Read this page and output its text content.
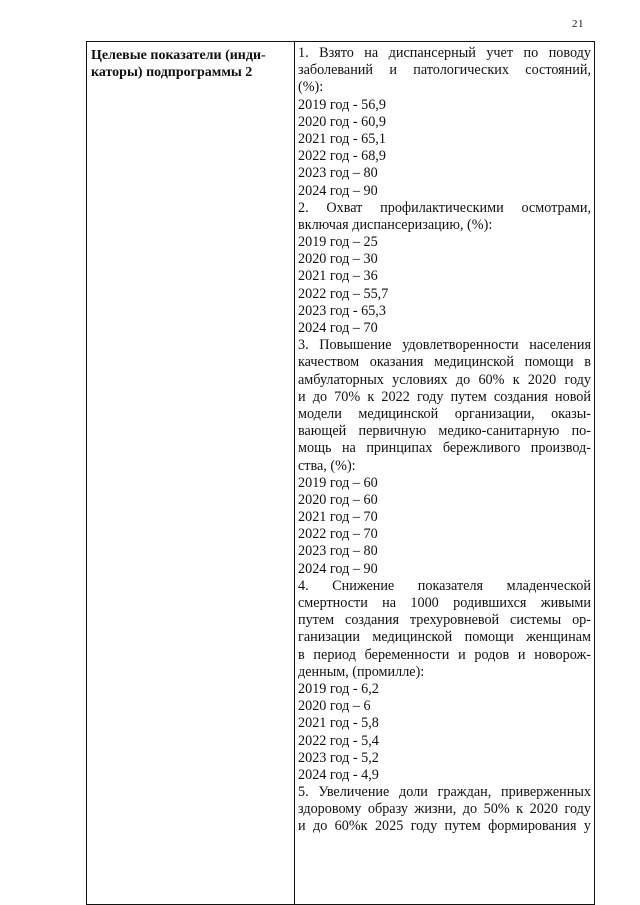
21
Целевые показатели (инди-
каторы) подпрограммы 2

1. Взято на диспансерный учет по поводу
заболеваний и патологических состояний,
(%):
2019 год - 56,9
2020 год - 60,9
2021 год - 65,1
2022 год - 68,9
2023 год – 80
2024 год – 90
2. Охват профилактическими осмотрами,
включая диспансеризацию, (%):
2019 год – 25
2020 год – 30
2021 год – 36
2022 год – 55,7
2023 год - 65,3
2024 год – 70
3. Повышение удовлетворенности населения
качеством оказания медицинской помощи в
амбулаторных условиях до 60% к 2020 году
и до 70% к 2022 году путем создания новой
модели медицинской организации, оказы-
вающей первичную медико-санитарную по-
мощь на принципах бережливого производ-
ства, (%):
2019 год – 60
2020 год – 60
2021 год – 70
2022 год – 70
2023 год – 80
2024 год – 90
4. Снижение показателя младенческой
смертности на 1000 родившихся живыми
путем создания трехуровневой системы ор-
ганизации медицинской помощи женщинам
в период беременности и родов и новорож-
денным, (промилле):
2019 год - 6,2
2020 год – 6
2021 год - 5,8
2022 год - 5,4
2023 год - 5,2
2024 год - 4,9
5. Увеличение доли граждан, приверженных
здоровому образу жизни, до 50% к 2020 году
и до 60%к 2025 году путем формирования у
